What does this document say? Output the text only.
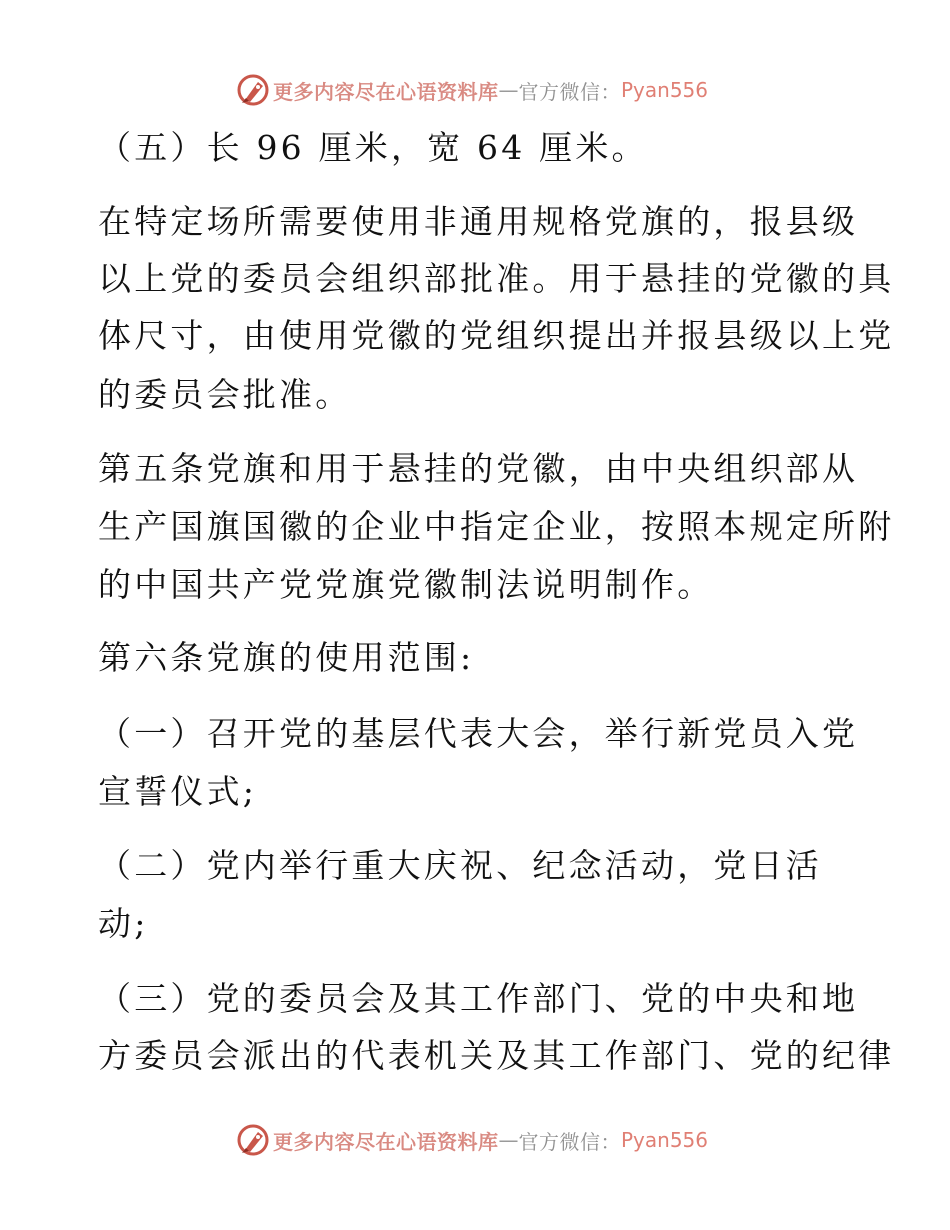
更多内容尽在心语资料库 — 官方微信： Pyan556
（五）长 96 厘米，宽 64 厘米。
在特定场所需要使用非通用规格党旗的，报县级
以上党的委员会组织部批准。用于悬挂的党徽的具
体尺寸，由使用党徽的党组织提出并报县级以上党
的委员会批准。
第五条党旗和用于悬挂的党徽，由中央组织部从
生产国旗国徽的企业中指定企业，按照本规定所附
的中国共产党党旗党徽制法说明制作。
第六条党旗的使用范围:
（一）召开党的基层代表大会，举行新党员入党
宣誓仪式;
（二）党内举行重大庆祝、纪念活动，党日活
动;
（三）党的委员会及其工作部门、党的中央和地
方委员会派出的代表机关及其工作部门、党的纪律
更多内容尽在心语资料库 — 官方微信： Pyan556
